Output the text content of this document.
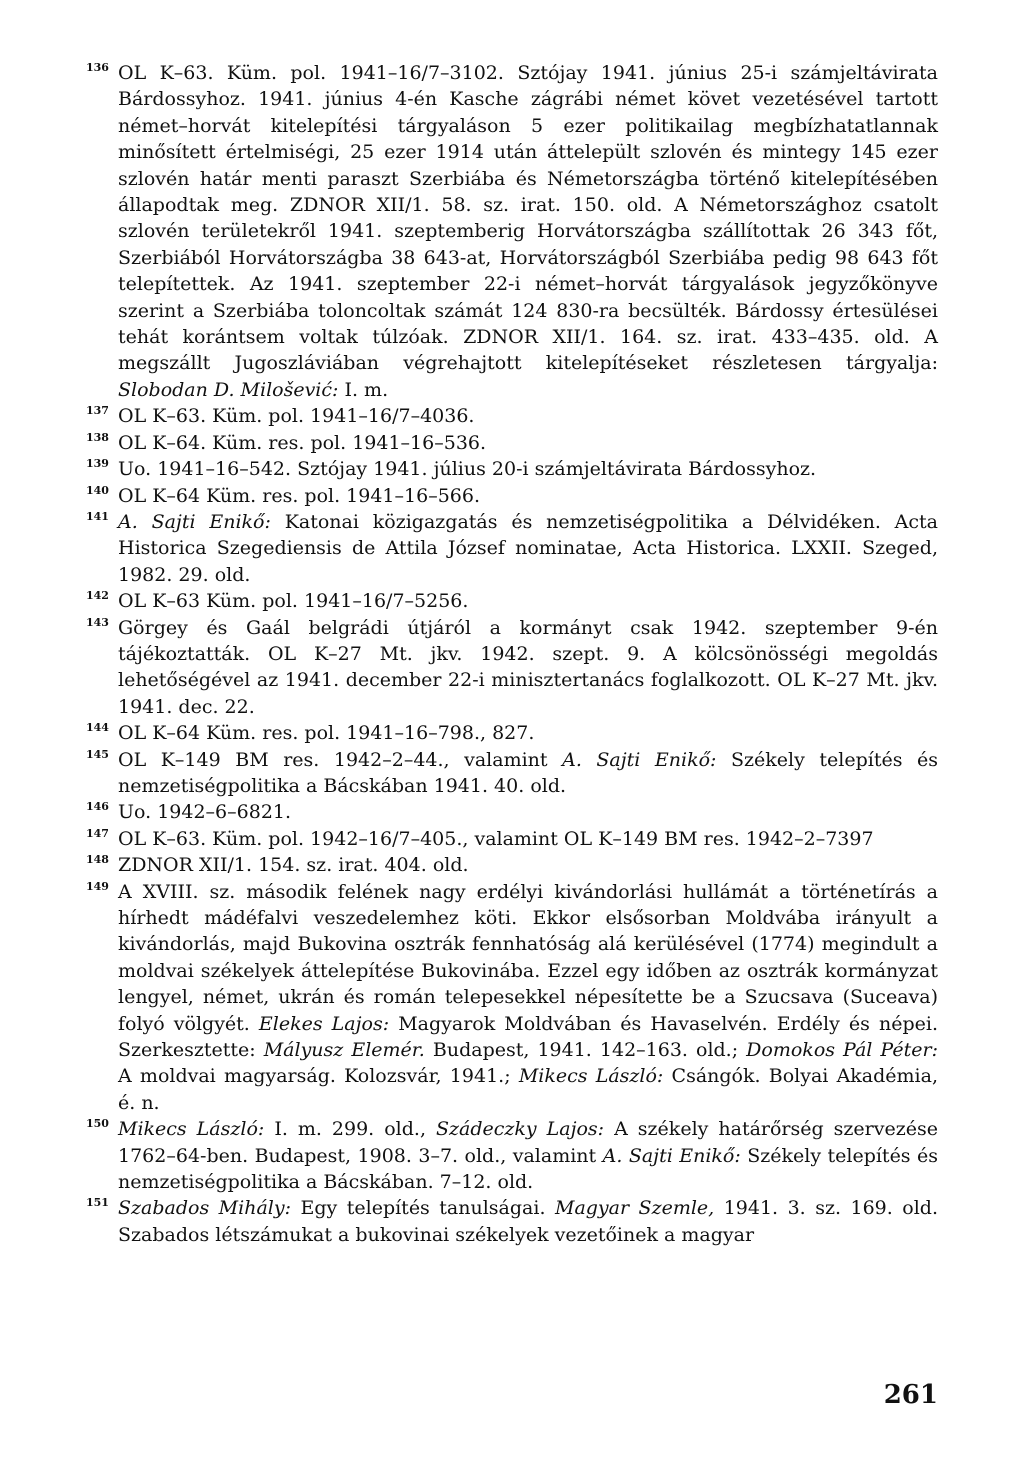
136 OL K–63. Küm. pol. 1941–16/7–3102. Sztójay 1941. június 25-i számjeltávirata Bárdossyhoz. 1941. június 4-én Kasche zágrábi német követ vezetésével tartott német–horvát kitelepítési tárgyaláson 5 ezer politikailag megbízhatatlannak minősített értelmiségi, 25 ezer 1914 után áttelepült szlovén és mintegy 145 ezer szlovén határ menti paraszt Szerbiába és Németországba történő kitelepítésében állapodtak meg. ZDNOR XII/1. 58. sz. irat. 150. old. A Németországhoz csatolt szlovén területekről 1941. szeptemberig Horvátországba szállítottak 26 343 főt, Szerbiából Horvátországba 38 643-at, Horvátországból Szerbiába pedig 98 643 főt telepítettek. Az 1941. szeptember 22-i német–horvát tárgyalások jegyzőkönyve szerint a Szerbiába toloncoltak számát 124 830-ra becsülték. Bárdossy értesülései tehát korántsem voltak túlzóak. ZDNOR XII/1. 164. sz. irat. 433–435. old. A megszállt Jugoszláviában végrehajtott kitelepítéseket részletesen tárgyalja: Slobodan D. Milošević: I. m.
137 OL K–63. Küm. pol. 1941–16/7–4036.
138 OL K–64. Küm. res. pol. 1941–16–536.
139 Uo. 1941–16–542. Sztójay 1941. július 20-i számjeltávirata Bárdossyhoz.
140 OL K–64 Küm. res. pol. 1941–16–566.
141 A. Sajti Enikő: Katonai közigazgatás és nemzetiségpolitika a Délvidéken. Acta Historica Szegediensis de Attila József nominatae, Acta Historica. LXXII. Szeged, 1982. 29. old.
142 OL K–63 Küm. pol. 1941–16/7–5256.
143 Görgey és Gaál belgrádi útjáról a kormányt csak 1942. szeptember 9-én tájékoztatták. OL K–27 Mt. jkv. 1942. szept. 9. A kölcsönösségi megoldás lehetőségével az 1941. december 22-i minisztertanács foglalkozott. OL K–27 Mt. jkv. 1941. dec. 22.
144 OL K–64 Küm. res. pol. 1941–16–798., 827.
145 OL K–149 BM res. 1942–2–44., valamint A. Sajti Enikő: Székely telepítés és nemzetiségpolitika a Bácskában 1941. 40. old.
146 Uo. 1942–6–6821.
147 OL K–63. Küm. pol. 1942–16/7–405., valamint OL K–149 BM res. 1942–2–7397
148 ZDNOR XII/1. 154. sz. irat. 404. old.
149 A XVIII. sz. második felének nagy erdélyi kivándorlási hullámát a történetírás a hírhedt mádéfalvi veszedelemhez köti. Ekkor elsősorban Moldvába irányult a kivándorlás, majd Bukovina osztrák fennhatóság alá kerülésével (1774) megindult a moldvai székelyek áttelepítése Bukovinába. Ezzel egy időben az osztrák kormányzat lengyel, német, ukrán és román telepesekkel népesítette be a Szucsava (Suceava) folyó völgyét. Elekes Lajos: Magyarok Moldvában és Havaselvén. Erdély és népei. Szerkesztette: Mályusz Elemér. Budapest, 1941. 142–163. old.; Domokos Pál Péter: A moldvai magyarság. Kolozsvár, 1941.; Mikecs László: Csángók. Bolyai Akadémia, é. n.
150 Mikecs László: I. m. 299. old., Szádeczky Lajos: A székely határőrség szervezése 1762–64-ben. Budapest, 1908. 3–7. old., valamint A. Sajti Enikő: Székely telepítés és nemzetiségpolitika a Bácskában. 7–12. old.
151 Szabados Mihály: Egy telepítés tanulságai. Magyar Szemle, 1941. 3. sz. 169. old. Szabados létszámukat a bukovinai székelyek vezetőinek a magyar
261
